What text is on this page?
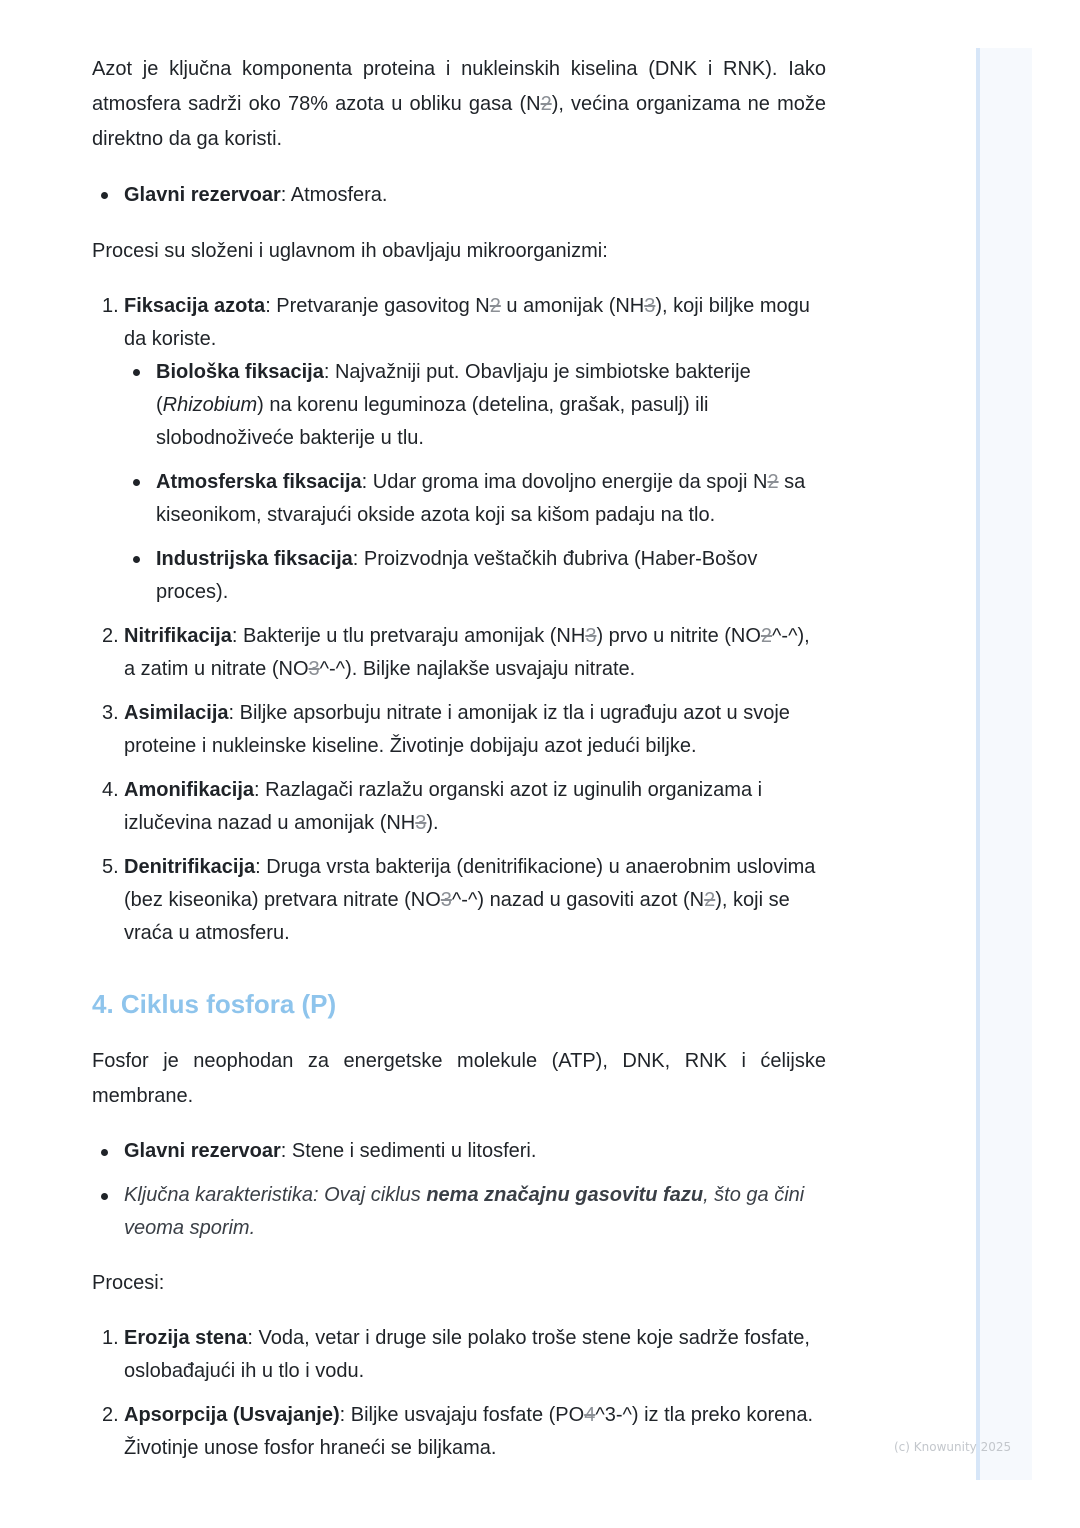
(c) Knowunity 2025

Azot je ključna komponenta proteina i nukleinskih kiselina (DNK i RNK). Iako atmosfera sadrži oko 78% azota u obliku gasa (N2), većina organizama ne može direktno da ga koristi.

Glavni rezervoar: Atmosfera.

Procesi su složeni i uglavnom ih obavljaju mikroorganizmi:

1. Fiksacija azota: Pretvaranje gasovitog N2 u amonijak (NH3), koji biljke mogu da koriste.
Biološka fiksacija: Najvažniji put. Obavljaju je simbiotske bakterije (Rhizobium) na korenu leguminoza (detelina, grašak, pasulj) ili slobodnoživeće bakterije u tlu.
Atmosferska fiksacija: Udar groma ima dovoljno energije da spoji N2 sa kiseonikom, stvarajući okside azota koji sa kišom padaju na tlo.
Industrijska fiksacija: Proizvodnja veštačkih đubriva (Haber-Bošov proces).
2. Nitrifikacija: Bakterije u tlu pretvaraju amonijak (NH3) prvo u nitrite (NO2^-^), a zatim u nitrate (NO3^-^). Biljke najlakše usvajaju nitrate.
3. Asimilacija: Biljke apsorbuju nitrate i amonijak iz tla i ugrađuju azot u svoje proteine i nukleinske kiseline. Životinje dobijaju azot jedući biljke.
4. Amonifikacija: Razlagači razlažu organski azot iz uginulih organizama i izlučevina nazad u amonijak (NH3).
5. Denitrifikacija: Druga vrsta bakterija (denitrifikacione) u anaerobnim uslovima (bez kiseonika) pretvara nitrate (NO3^-^) nazad u gasoviti azot (N2), koji se vraća u atmosferu.
4. Ciklus fosfora (P)

Fosfor je neophodan za energetske molekule (ATP), DNK, RNK i ćelijske membrane.

Glavni rezervoar: Stene i sedimenti u litosferi.
Ključna karakteristika: Ovaj ciklus nema značajnu gasovitu fazu, što ga čini veoma sporim.

Procesi:

1. Erozija stena: Voda, vetar i druge sile polako troše stene koje sadrže fosfate, oslobađajući ih u tlo i vodu.
2. Apsorpcija (Usvajanje): Biljke usvajaju fosfate (PO4^3-^) iz tla preko korena. Životinje unose fosfor hraneći se biljkama.
